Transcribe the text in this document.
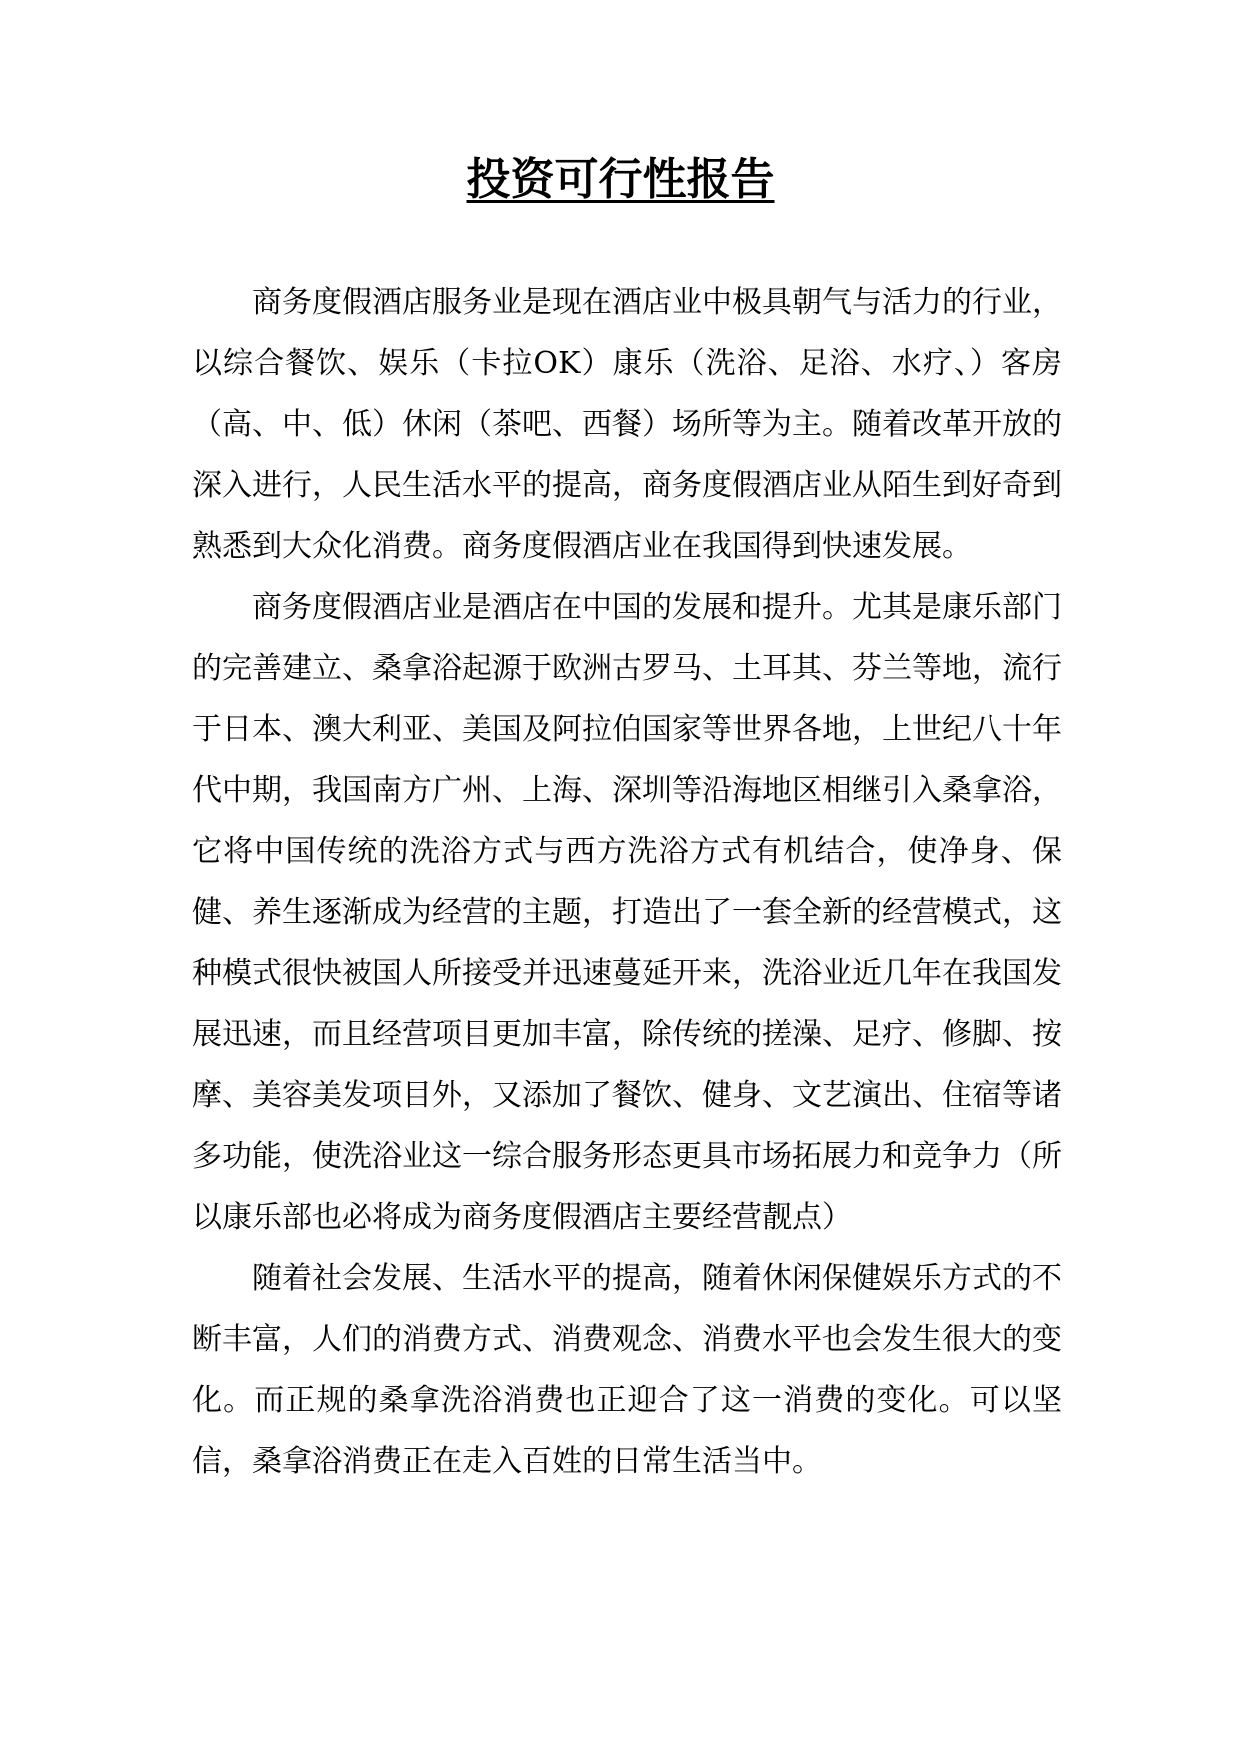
投资可行性报告

商务度假酒店服务业是现在酒店业中极具朝气与活力的行业，以综合餐饮、娱乐（卡拉OK）康乐（洗浴、足浴、水疗、）客房（高、中、低）休闲（茶吧、西餐）场所等为主。随着改革开放的深入进行，人民生活水平的提高，商务度假酒店业从陌生到好奇到熟悉到大众化消费。商务度假酒店业在我国得到快速发展。

商务度假酒店业是酒店在中国的发展和提升。尤其是康乐部门的完善建立、桑拿浴起源于欧洲古罗马、土耳其、芬兰等地，流行于日本、澳大利亚、美国及阿拉伯国家等世界各地，上世纪八十年代中期，我国南方广州、上海、深圳等沿海地区相继引入桑拿浴，它将中国传统的洗浴方式与西方洗浴方式有机结合，使净身、保健、养生逐渐成为经营的主题，打造出了一套全新的经营模式，这种模式很快被国人所接受并迅速蔓延开来，洗浴业近几年在我国发展迅速，而且经营项目更加丰富，除传统的搓澡、足疗、修脚、按摩、美容美发项目外，又添加了餐饮、健身、文艺演出、住宿等诸多功能，使洗浴业这一综合服务形态更具市场拓展力和竞争力（所以康乐部也必将成为商务度假酒店主要经营靓点）

随着社会发展、生活水平的提高，随着休闲保健娱乐方式的不断丰富，人们的消费方式、消费观念、消费水平也会发生很大的变化。而正规的桑拿洗浴消费也正迎合了这一消费的变化。可以坚信，桑拿浴消费正在走入百姓的日常生活当中。
